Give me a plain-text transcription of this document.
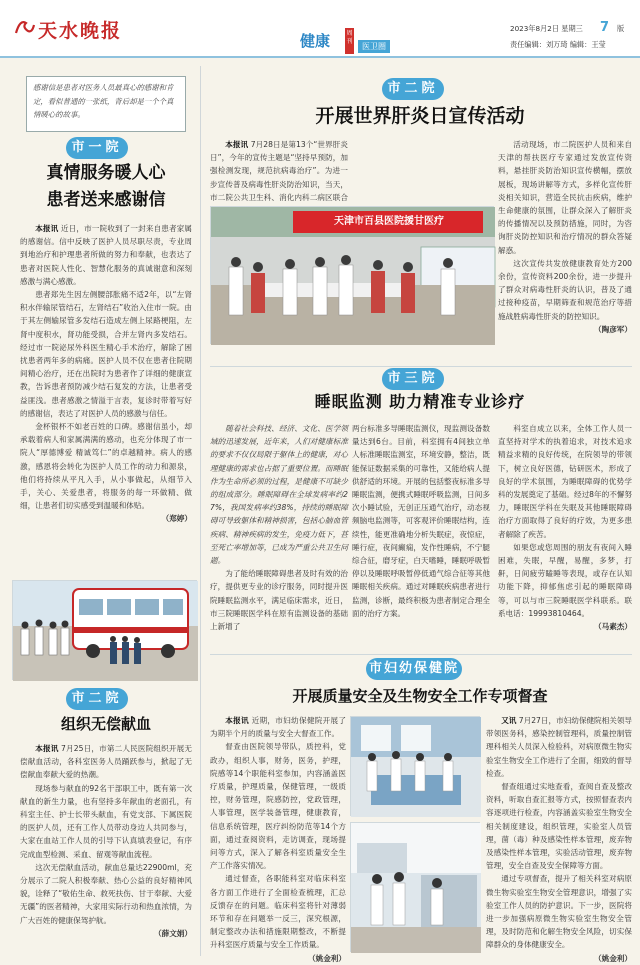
天水晚报	健康	周刊
医卫圈
2023年8月2日 星期三 7 版
责任编辑：刘万琦 编辑：王莹
感谢信是患者对医务人员最真心的感谢和肯定，看似普通的一张纸，背后却是一个个真情暖心的故事。
市一院
真情服务暖人心
患者送来感谢信

本报讯 近日，市一院收到了一封来自患者家属的感谢信。信中反映了医护人员尽职尽责，专业周到地治疗和护理患者所做的努力和奉献，也表达了患者对医院人性化、智慧化服务的真诚谢意和深刻感激与满心感激。

患者郑先生因左侧腰部胀痛不适2年，以“左肾积水伴输尿管结石，左肾结石”收治入住市一院。由于其左侧输尿管多发结石造成左侧上尿路梗阻，左肾中度积水，肾功能受损，合并左肾内多发结石。经过市一院泌尿外科医生精心手术治疗，解除了困扰患者两年多的病痛。医护人员不仅在患者住院期间精心治疗，还在出院时为患者作了详细的健康宣教，告诉患者预防减少结石复发的方法，让患者受益匪浅。患者感激之情溢于言表，复诊时带着写好的感谢信，表达了对医护人员的感激与信任。

金杯银杯不如老百姓的口碑。感谢信虽小，却承载着病人和家属满满的感动，也充分体现了市一院人“厚德博爱 精诚笃仁”的卓越精神。病人的感激，感恩将会转化为医护人员工作的动力和源泉，他们将持续从平凡入手，从小事做起，从细节入手，关心、关爱患者，将服务的每一环做精、做细，让患者们切实感受到温暖和体贴。
（郑婷）

市二院
组织无偿献血

本报讯 7月25日，市第二人民医院组织开展无偿献血活动，各科室医务人员踊跃参与，掀起了无偿献血奉献大爱的热潮。

现场参与献血的92名干部职工中，既有第一次献血的新生力量，也有坚持多年献血的老面孔，有科室主任、护士长带头献血，有党支部、下属医院的医护人员，还有工作人员带动身边人共同参与，大家在血站工作人员的引导下认真填表登记，有序完成血型检测、采血、留观等献血流程。

这次无偿献血活动，献血总量达22900ml，充分展示了二院人积极奉献、热心公益的良好精神风貌，诠释了“敬佑生命、救死扶伤、甘于奉献、大爱无疆”的医者精神，大家用实际行动和热血浓情，为广大百姓的健康保驾护航。
（薛文娟）

市二院
开展世界肝炎日宣传活动

本报讯 7月28日是第13个“世界肝炎日”，今年的宣传主题是“坚持早预防，加强检测发现，规范抗病毒治疗”。为进一步宣传普及病毒性肝炎防治知识，当天，市二院公共卫生科、消化内科二病区联合

天津市百县医院援甘医疗

活动现场，市二院医护人员和来自天津的帮扶医疗专家通过发放宣传资料，悬挂肝炎防治知识宣传横幅，摆放展板，现场讲解等方式，多样化宣传肝炎相关知识，营造全民抗击疾病，维护生命健康的氛围，让群众深入了解肝炎的传播情况以及预防措施，同时，为咨询肝炎防控知识和治疗情况的群众答疑解惑。

这次宣传共发放健康教育处方200余份，宣传资料200余份，进一步提升了群众对病毒性肝炎的认识，普及了通过接种疫苗，早期筛查和规范治疗等措施战胜病毒性肝炎的防控知识。
（陶彦军）

市三院
睡眠监测 助力精准专业诊疗

随着社会科技、经济、文化、医学领域的迅速发展，近年来，人们对健康标准的要求不仅仅局限于躯体上的健康，对心理健康的需求也占据了重要位置。而睡眠作为生命所必须的过程，是健康不可缺少的组成部分。睡眠障碍在全球发病率约27%，我国发病率约38%，持续的睡眠障碍可导致躯体和精神损害，包括心脑血管疾病、精神疾病的发生，免疫力低下，甚至死亡率增加等，已成为严重公共卫生问题。

为了能给睡眠障碍患者及时有效的治疗，提供更专业的诊疗服务，同时提升医院睡眠监测水平，满足临床需求，近日，市三院睡眠医学科在原有监测设备的基础上新增了

两台标准多导睡眠监测仪，现监测设备数量达到6台。目前，科室拥有4间独立单人标准睡眠监测室，环境安静，整洁，既能保证数据采集的可靠性，又能给病人提供舒适的环境。开展的包括整夜标准多导睡眠监测，便携式睡眠呼吸监测，日间多次小睡试验，无创正压通气治疗，动态视频脑电监测等，可客观评价睡眠结构，连续性，能更准确地分析失眠症，夜惊症，睡行症，夜间癫痫，发作性睡病，不宁腿综合征，磨牙症，白天嗜睡，睡眠呼吸暂停以及睡眠呼吸暂停低通气综合征等其他睡眠相关疾病。通过对睡眠疾病患者进行监测，诊断，最终积极为患者制定合理全面的治疗方案。

科室自成立以来，全体工作人员一直坚持对学术的执着追求，对技术追求精益求精的良好传统，在院领导的带领下，树立良好医德，钻研医术，形成了良好的学术氛围，为睡眠障碍的优势学科的发展奠定了基础。经过8年的不懈努力，睡眠医学科在失眠及其他睡眠障碍治疗方面取得了良好的疗效，为更多患者解除了疾苦。

如果您或您周围的朋友有夜间入睡困难，失眠，早醒，易醒，多梦，打鼾，日间疲劳瞌睡等表现，或存在认知功能下降，抑郁焦虑引起的睡眠障碍等，可以与市三院睡眠医学科联系。联系电话：19993810464。
（马素杰）

市妇幼保健院
开展质量安全及生物安全工作专项督查

本报讯 近期，市妇幼保健院开展了为期半个月的质量与安全大督查工作。

督查由医院领导带队，质控科，党政办，组织人事，财务，医务，护理，院感等14个职能科室参加，内容涵盖医疗质量，护理质量，保健管理，一级质控，财务管理，院感防控，党政管理，人事管理，医学装备管理，健康教育，信息系统管理，医疗纠纷防范等14个方面，通过查阅资料，走访调查，现场提问等方式，深入了解各科室质量安全生产工作落实情况。

通过督查，各职能科室对临床科室各方面工作进行了全面检查梳理，汇总反馈存在的问题。临床科室将针对薄弱环节和存在问题举一反三，深究根源，制定整改办法和措施限期整改，不断提升科室医疗质量与安全工作质量。
（姚金利）

又讯 7月27日，市妇幼保健院相关领导带领医务科，感染控制管理科，质量控制管理科相关人员深入检验科，对病原微生物实验室生物安全工作进行了全面，细致的督导检查。

督查组通过实地查看，查阅自查及整改资料，听取自查汇报等方式，按照督查表内容逐项进行检查，内容涵盖实验室生物安全相关制度建设，组织管理，实验室人员管理，菌（毒）种及感染性样本管理，废弃物及感染性样本管理，实验活动管理，废弃物管理，安全自查及安全保障等方面。

通过专项督查，提升了相关科室对病原微生物实验室生物安全管理意识，增强了实验室工作人员的防护意识。下一步，医院将进一步加强病原微生物实验室生物安全管理，及时防范和化解生物安全风险，切实保障群众的身体健康安全。
（姚金利）
